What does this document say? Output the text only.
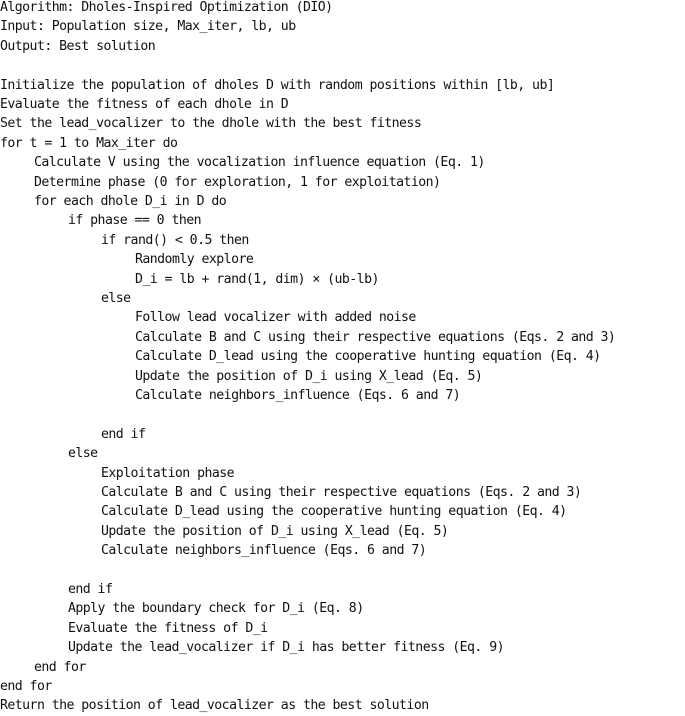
Algorithm: Dholes-Inspired Optimization (DIO)
Input: Population size, Max_iter, lb, ub
Output: Best solution
Initialize the population of dholes D with random positions within [lb, ub]
Evaluate the fitness of each dhole in D
Set the lead_vocalizer to the dhole with the best fitness
for t = 1 to Max_iter do
Calculate V using the vocalization influence equation (Eq. 1)
Determine phase (0 for exploration, 1 for exploitation)
for each dhole D_i in D do
if phase == 0 then
if rand() < 0.5 then
Randomly explore
D_i = lb + rand(1, dim) × (ub-lb)
else
Follow lead vocalizer with added noise
Calculate B and C using their respective equations (Eqs. 2 and 3)
Calculate D_lead using the cooperative hunting equation (Eq. 4)
Update the position of D_i using X_lead (Eq. 5)
Calculate neighbors_influence (Eqs. 6 and 7)
end if
else
Exploitation phase
Calculate B and C using their respective equations (Eqs. 2 and 3)
Calculate D_lead using the cooperative hunting equation (Eq. 4)
Update the position of D_i using X_lead (Eq. 5)
Calculate neighbors_influence (Eqs. 6 and 7)
end if
Apply the boundary check for D_i (Eq. 8)
Evaluate the fitness of D_i
Update the lead_vocalizer if D_i has better fitness (Eq. 9)
end for
end for
Return the position of lead_vocalizer as the best solution
